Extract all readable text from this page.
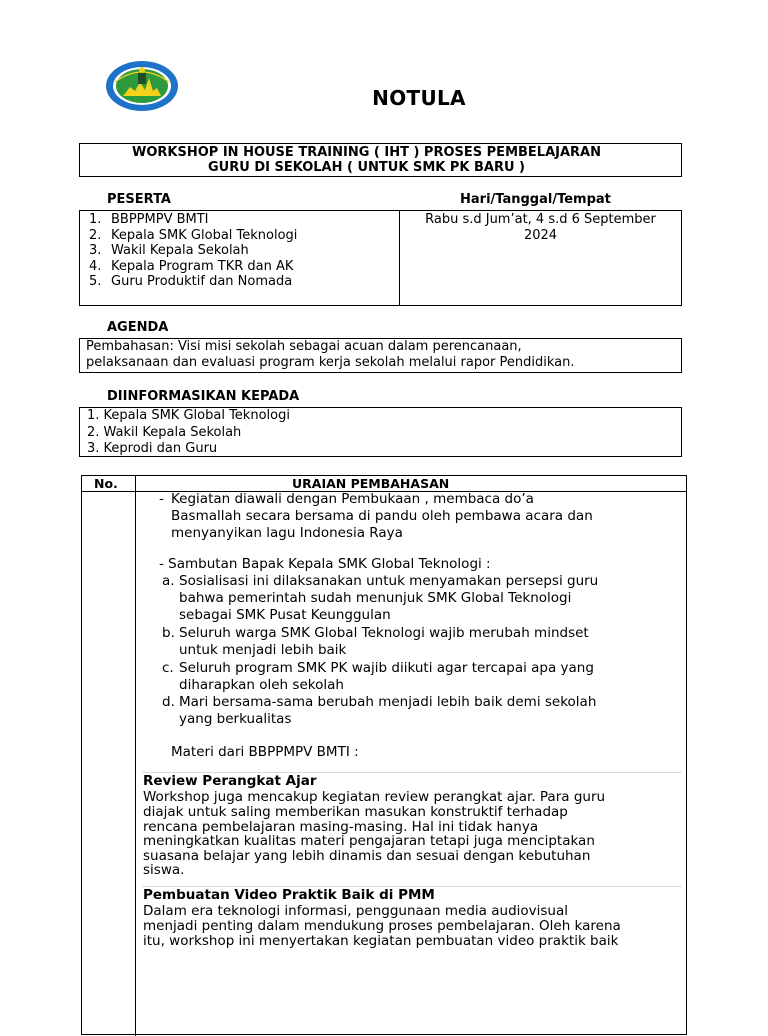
NOTULA
WORKSHOP IN HOUSE TRAINING ( IHT ) PROSES PEMBELAJARAN
GURU DI SEKOLAH ( UNTUK SMK PK BARU )
PESERTA	Hari/Tanggal/Tempat
1. BBPPMPV BMTI
2. Kepala SMK Global Teknologi
3. Wakil Kepala Sekolah
4. Kepala Program TKR dan AK
5. Guru Produktif dan Nomada
Rabu s.d Jum’at, 4 s.d 6 September
2024
AGENDA
Pembahasan: Visi misi sekolah sebagai acuan dalam perencanaan,
pelaksanaan dan evaluasi program kerja sekolah melalui rapor Pendidikan.
DIINFORMASIKAN KEPADA
1. Kepala SMK Global Teknologi
2. Wakil Kepala Sekolah
3. Keprodi dan Guru
No.	URAIAN PEMBAHASAN
- Kegiatan diawali dengan Pembukaan , membaca do’a
Basmallah secara bersama di pandu oleh pembawa acara dan
menyanyikan lagu Indonesia Raya
- Sambutan Bapak Kepala SMK Global Teknologi :
a. Sosialisasi ini dilaksanakan untuk menyamakan persepsi guru
bahwa pemerintah sudah menunjuk SMK Global Teknologi
sebagai SMK Pusat Keunggulan
b. Seluruh warga SMK Global Teknologi wajib merubah mindset
untuk menjadi lebih baik
c. Seluruh program SMK PK wajib diikuti agar tercapai apa yang
diharapkan oleh sekolah
d. Mari bersama-sama berubah menjadi lebih baik demi sekolah
yang berkualitas
Materi dari BBPPMPV BMTI :
Review Perangkat Ajar
Workshop juga mencakup kegiatan review perangkat ajar. Para guru
diajak untuk saling memberikan masukan konstruktif terhadap
rencana pembelajaran masing-masing. Hal ini tidak hanya
meningkatkan kualitas materi pengajaran tetapi juga menciptakan
suasana belajar yang lebih dinamis dan sesuai dengan kebutuhan
siswa.
Pembuatan Video Praktik Baik di PMM
Dalam era teknologi informasi, penggunaan media audiovisual
menjadi penting dalam mendukung proses pembelajaran. Oleh karena
itu, workshop ini menyertakan kegiatan pembuatan video praktik baik
